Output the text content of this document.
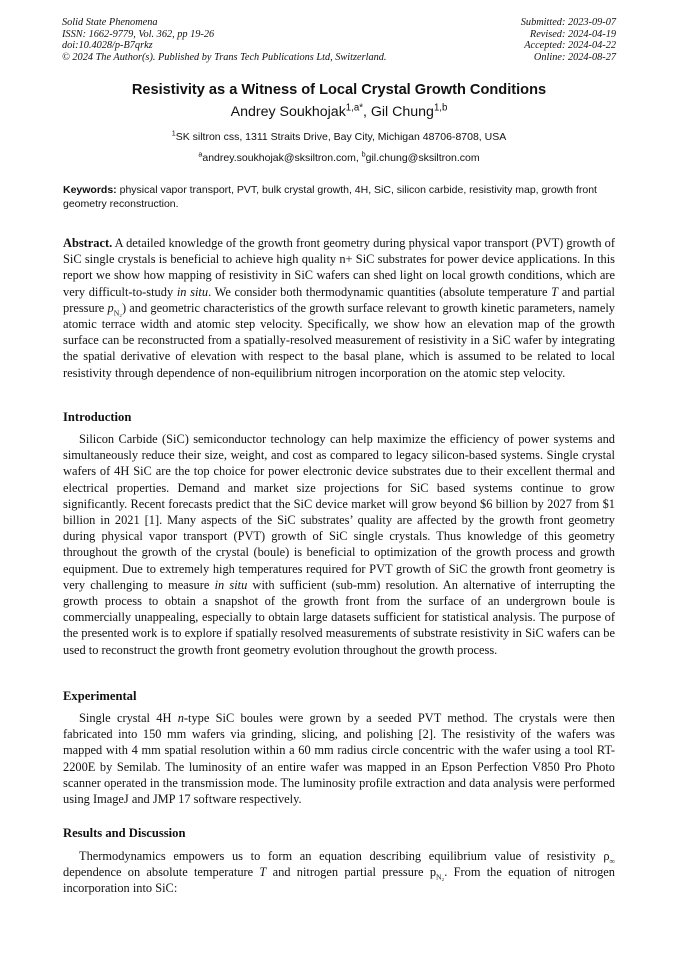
Solid State Phenomena
ISSN: 1662-9779, Vol. 362, pp 19-26
doi:10.4028/p-B7qrkz
© 2024 The Author(s). Published by Trans Tech Publications Ltd, Switzerland.
Submitted: 2023-09-07
Revised: 2024-04-19
Accepted: 2024-04-22
Online: 2024-08-27
Resistivity as a Witness of Local Crystal Growth Conditions
Andrey Soukhojak$^{1,a*}$, Gil Chung$^{1,b}$
$^1$SK siltron css, 1311 Straits Drive, Bay City, Michigan 48706-8708, USA
$^a$andrey.soukhojak@sksiltron.com, $^b$gil.chung@sksiltron.com
Keywords: physical vapor transport, PVT, bulk crystal growth, 4H, SiC, silicon carbide, resistivity map, growth front geometry reconstruction.
Abstract. A detailed knowledge of the growth front geometry during physical vapor transport (PVT) growth of SiC single crystals is beneficial to achieve high quality n+ SiC substrates for power device applications. In this report we show how mapping of resistivity in SiC wafers can shed light on local growth conditions, which are very difficult-to-study in situ. We consider both thermodynamic quantities (absolute temperature T and partial pressure $p_{N_2}$) and geometric characteristics of the growth surface relevant to growth kinetic parameters, namely atomic terrace width and atomic step velocity. Specifically, we show how an elevation map of the growth surface can be reconstructed from a spatially-resolved measurement of resistivity in a SiC wafer by integrating the spatial derivative of elevation with respect to the basal plane, which is assumed to be related to local resistivity through dependence of non-equilibrium nitrogen incorporation on the atomic step velocity.
Introduction
Silicon Carbide (SiC) semiconductor technology can help maximize the efficiency of power systems and simultaneously reduce their size, weight, and cost as compared to legacy silicon-based systems. Single crystal wafers of 4H SiC are the top choice for power electronic device substrates due to their excellent thermal and electrical properties. Demand and market size projections for SiC based systems continue to grow significantly. Recent forecasts predict that the SiC device market will grow beyond $6 billion by 2027 from $1 billion in 2021 [1]. Many aspects of the SiC substrates’ quality are affected by the growth front geometry during physical vapor transport (PVT) growth of SiC single crystals. Thus knowledge of this geometry throughout the growth of the crystal (boule) is beneficial to optimization of the growth process and growth equipment. Due to extremely high temperatures required for PVT growth of SiC the growth front geometry is very challenging to measure in situ with sufficient (sub-mm) resolution. An alternative of interrupting the growth process to obtain a snapshot of the growth front from the surface of an undergrown boule is commercially unappealing, especially to obtain large datasets sufficient for statistical analysis. The purpose of the presented work is to explore if spatially resolved measurements of substrate resistivity in SiC wafers can be used to reconstruct the growth front geometry evolution throughout the growth process.
Experimental
Single crystal 4H n-type SiC boules were grown by a seeded PVT method. The crystals were then fabricated into 150 mm wafers via grinding, slicing, and polishing [2]. The resistivity of the wafers was mapped with 4 mm spatial resolution within a 60 mm radius circle concentric with the wafer using a tool RT-2200E by Semilab. The luminosity of an entire wafer was mapped in an Epson Perfection V850 Pro Photo scanner operated in the transmission mode. The luminosity profile extraction and data analysis were performed using ImageJ and JMP 17 software respectively.
Results and Discussion
Thermodynamics empowers us to form an equation describing equilibrium value of resistivity $\rho_\infty$ dependence on absolute temperature T and nitrogen partial pressure $p_{N_2}$. From the equation of nitrogen incorporation into SiC:
